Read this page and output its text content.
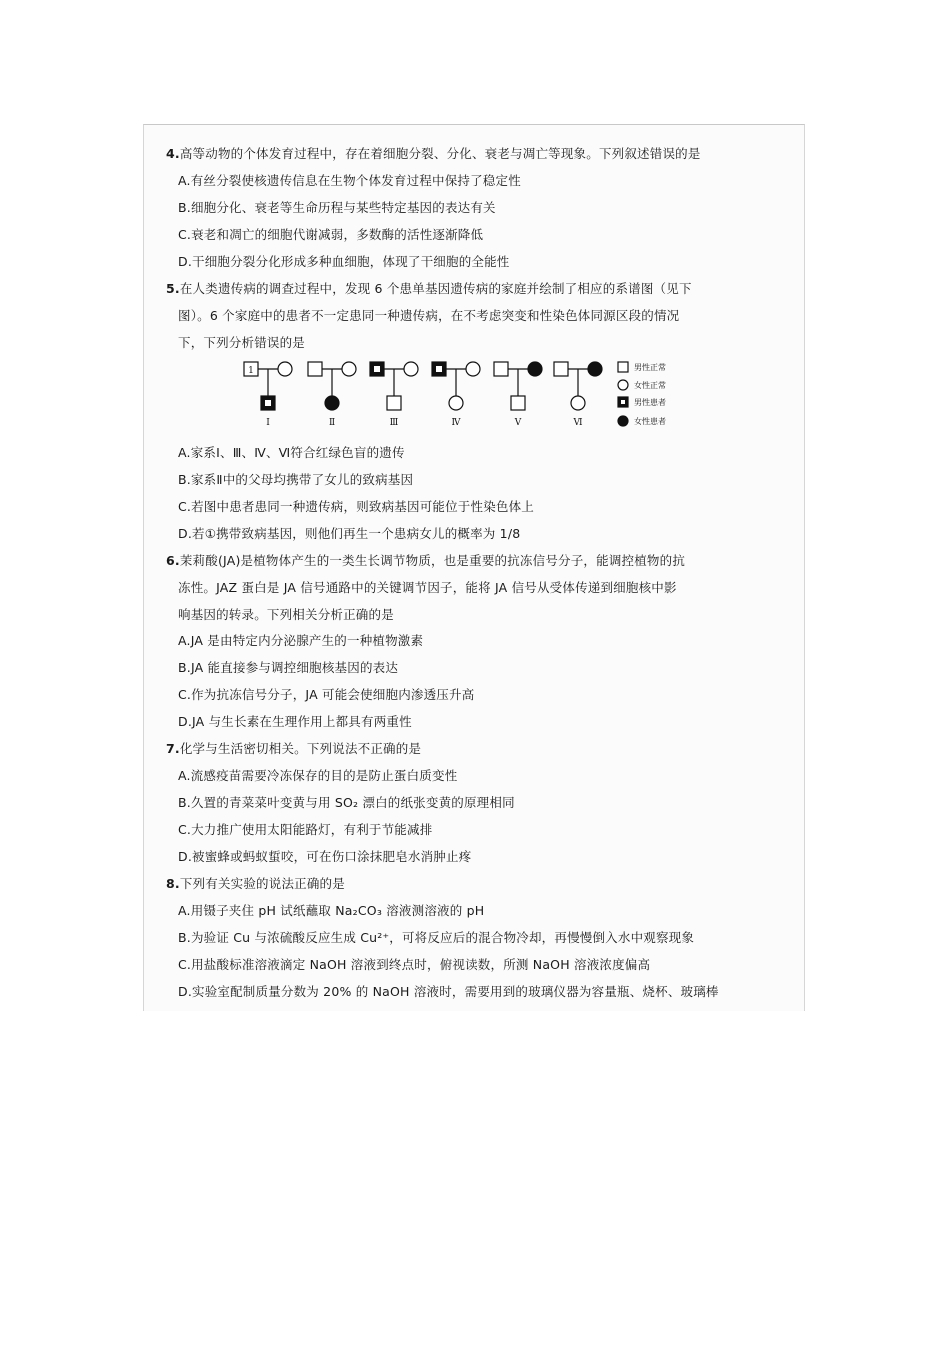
4.高等动物的个体发育过程中，存在着细胞分裂、分化、衰老与凋亡等现象。下列叙述错误的是
A.有丝分裂使核遗传信息在生物个体发育过程中保持了稳定性
B.细胞分化、衰老等生命历程与某些特定基因的表达有关
C.衰老和凋亡的细胞代谢减弱，多数酶的活性逐渐降低
D.干细胞分裂分化形成多种血细胞，体现了干细胞的全能性
5.在人类遗传病的调查过程中，发现 6 个患单基因遗传病的家庭并绘制了相应的系谱图（见下
图）。6 个家庭中的患者不一定患同一种遗传病，在不考虑突变和性染色体同源区段的情况
下，下列分析错误的是
1
Ⅰ	Ⅱ	Ⅲ	Ⅳ	Ⅴ	Ⅵ
男性正常
女性正常
男性患者
女性患者
A.家系Ⅰ、Ⅲ、Ⅳ、Ⅵ符合红绿色盲的遗传
B.家系Ⅱ中的父母均携带了女儿的致病基因
C.若图中患者患同一种遗传病，则致病基因可能位于性染色体上
D.若①携带致病基因，则他们再生一个患病女儿的概率为 1/8
6.茉莉酸(JA)是植物体产生的一类生长调节物质，也是重要的抗冻信号分子，能调控植物的抗
冻性。JAZ 蛋白是 JA 信号通路中的关键调节因子，能将 JA 信号从受体传递到细胞核中影
响基因的转录。下列相关分析正确的是
A.JA 是由特定内分泌腺产生的一种植物激素
B.JA 能直接参与调控细胞核基因的表达
C.作为抗冻信号分子，JA 可能会使细胞内渗透压升高
D.JA 与生长素在生理作用上都具有两重性
7.化学与生活密切相关。下列说法不正确的是
A.流感疫苗需要冷冻保存的目的是防止蛋白质变性
B.久置的青菜菜叶变黄与用 SO₂ 漂白的纸张变黄的原理相同
C.大力推广使用太阳能路灯，有利于节能减排
D.被蜜蜂或蚂蚁蜇咬，可在伤口涂抹肥皂水消肿止疼
8.下列有关实验的说法正确的是
A.用镊子夹住 pH 试纸蘸取 Na₂CO₃ 溶液测溶液的 pH
B.为验证 Cu 与浓硫酸反应生成 Cu²⁺，可将反应后的混合物冷却，再慢慢倒入水中观察现象
C.用盐酸标准溶液滴定 NaOH 溶液到终点时，俯视读数，所测 NaOH 溶液浓度偏高
D.实验室配制质量分数为 20% 的 NaOH 溶液时，需要用到的玻璃仪器为容量瓶、烧杯、玻璃棒
